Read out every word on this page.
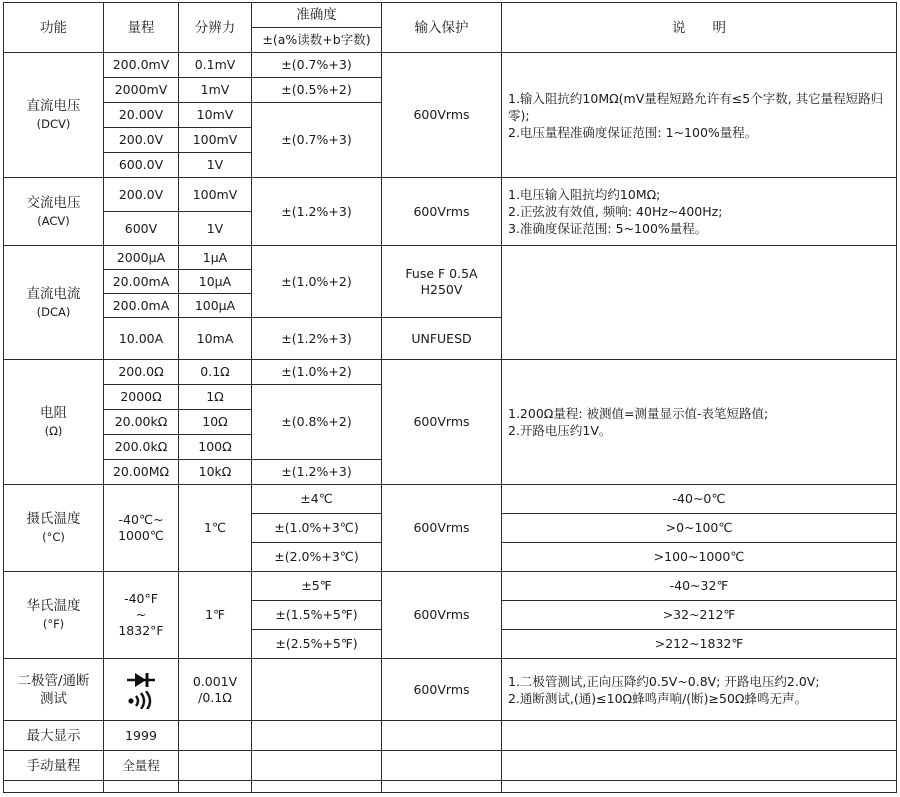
功能	量程	分辨力	准确度	输入保护	说　　明
			±(a%读数+b字数)		

直流电压
(DCV)	200.0mV	0.1mV	±(0.7%+3)	600Vrms	1.输入阻抗约10MΩ(mV量程短路允许有≤5个字数, 其它量程短路归零);
2.电压量程准确度保证范围: 1~100%量程。

	2000mV	1mV	±(0.5%+2)		
	20.00V	10mV	±(0.7%+3)		
	200.0V	100mV			
	600.0V	1V			

交流电压
(ACV)	200.0V	100mV	±(1.2%+3)	600Vrms	1.电压输入阻抗均约10MΩ;
2.正弦波有效值, 频响: 40Hz~400Hz;
3.准确度保证范围: 5~100%量程。

	600V	1V			

直流电流
(DCA)	2000μA	1μA	±(1.0%+2)	Fuse F 0.5A
H250V	

	20.00mA	10μA			
	200.0mA	100μA			
	10.00A	10mA	±(1.2%+3)	UNFUESD	

电阻
(Ω)	200.0Ω	0.1Ω	±(1.0%+2)	600Vrms	1.200Ω量程: 被测值=测量显示值-表笔短路值;
2.开路电压约1V。

	2000Ω	1Ω	±(0.8%+2)		
	20.00kΩ	10Ω			
	200.0kΩ	100Ω			
	20.00MΩ	10kΩ	±(1.2%+3)		

摄氏温度
(°C)	-40℃~
1000℃	1℃	±4℃	600Vrms	-40~0℃
			±(1.0%+3℃)		>0~100℃
			±(2.0%+3℃)		>100~1000℃

华氏温度
(°F)	-40°F
~
1832°F	1℉	±5℉	600Vrms	-40~32℉
			±(1.5%+5℉)		>32~212℉
			±(2.5%+5℉)		>212~1832℉

二极管/通断
测试		0.001V
/0.1Ω		600Vrms	1.二极管测试,正向压降约0.5V~0.8V; 开路电压约2.0V;
2.通断测试,(通)≤10Ω蜂鸣声响/(断)≥50Ω蜂鸣无声。

最大显示	1999				
手动量程	全量程				
